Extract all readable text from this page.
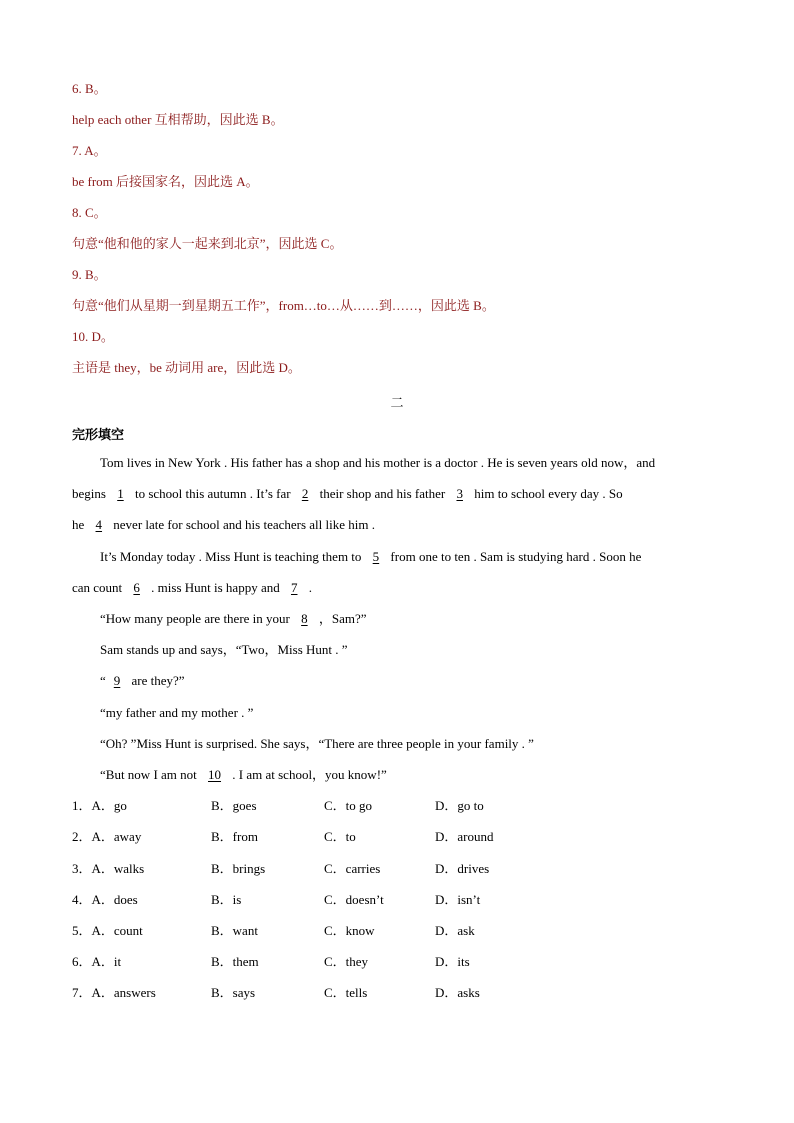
6. B。
help each other 互相帮助，因此选 B。
7. A。
be from 后接国家名，因此选 A。
8. C。
句意“他和他的家人一起来到北京”，因此选 C。
9. B。
句意“他们从星期一到星期五工作”，from…to…从……到……，因此选 B。
10. D。
主语是 they，be 动词用 are，因此选 D。
二
完形填空
Tom lives in New York . His father has a shop and his mother is a doctor . He is seven years old now，and
begins 1 to school this autumn . It’s far 2 their shop and his father 3 him to school every day . So
he 4 never late for school and his teachers all like him .
It’s Monday today . Miss Hunt is teaching them to 5 from one to ten . Sam is studying hard . Soon he
can count 6 . miss Hunt is happy and 7 .
“How many people are there in your 8 ，Sam?”
Sam stands up and says，“Two，Miss Hunt . ”
“ 9 are they?”
“my father and my mother . ”
“Oh? ”Miss Hunt is surprised. She says，“There are three people in your family . ”
“But now I am not 10 . I am at school，you know!”
1．A．go	B．goes	C．to go	D．go to
2．A．away	B．from	C．to	D．around
3．A．walks	B．brings	C．carries	D．drives
4．A．does	B．is	C．doesn’t	D．isn’t
5．A．count	B．want	C．know	D．ask
6．A．it	B．them	C．they	D．its
7．A．answers	B．says	C．tells	D．asks
